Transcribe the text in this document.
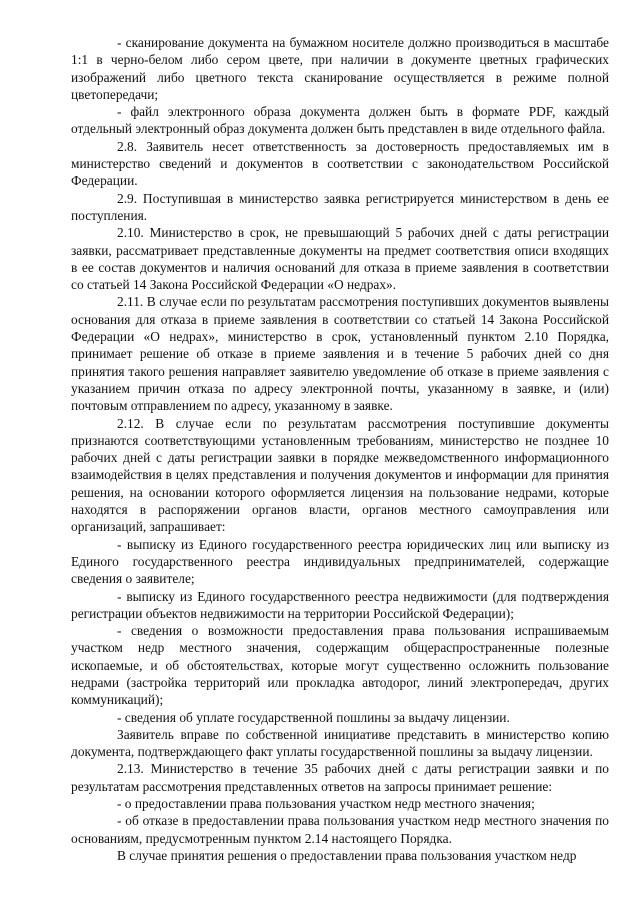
- сканирование документа на бумажном носителе должно производиться в масштабе 1:1 в черно-белом либо сером цвете, при наличии в документе цветных графических изображений либо цветного текста сканирование осуществляется в режиме полной цветопередачи;

- файл электронного образа документа должен быть в формате PDF, каждый отдельный электронный образ документа должен быть представлен в виде отдельного файла.

2.8. Заявитель несет ответственность за достоверность предоставляемых им в министерство сведений и документов в соответствии с законодательством Российской Федерации.

2.9. Поступившая в министерство заявка регистрируется министерством в день ее поступления.

2.10. Министерство в срок, не превышающий 5 рабочих дней с даты регистрации заявки, рассматривает представленные документы на предмет соответствия описи входящих в ее состав документов и наличия оснований для отказа в приеме заявления в соответствии со статьей 14 Закона Российской Федерации «О недрах».

2.11. В случае если по результатам рассмотрения поступивших документов выявлены основания для отказа в приеме заявления в соответствии со статьей 14 Закона Российской Федерации «О недрах», министерство в срок, установленный пунктом 2.10 Порядка, принимает решение об отказе в приеме заявления и в течение 5 рабочих дней со дня принятия такого решения направляет заявителю уведомление об отказе в приеме заявления с указанием причин отказа по адресу электронной почты, указанному в заявке, и (или) почтовым отправлением по адресу, указанному в заявке.

2.12. В случае если по результатам рассмотрения поступившие документы признаются соответствующими установленным требованиям, министерство не позднее 10 рабочих дней с даты регистрации заявки в порядке межведомственного информационного взаимодействия в целях представления и получения документов и информации для принятия решения, на основании которого оформляется лицензия на пользование недрами, которые находятся в распоряжении органов власти, органов местного самоуправления или организаций, запрашивает:

- выписку из Единого государственного реестра юридических лиц или выписку из Единого государственного реестра индивидуальных предпринимателей, содержащие сведения о заявителе;

- выписку из Единого государственного реестра недвижимости (для подтверждения регистрации объектов недвижимости на территории Российской Федерации);

- сведения о возможности предоставления права пользования испрашиваемым участком недр местного значения, содержащим общераспространенные полезные ископаемые, и об обстоятельствах, которые могут существенно осложнить пользование недрами (застройка территорий или прокладка автодорог, линий электропередач, других коммуникаций);

- сведения об уплате государственной пошлины за выдачу лицензии.

Заявитель вправе по собственной инициативе представить в министерство копию документа, подтверждающего факт уплаты государственной пошлины за выдачу лицензии.

2.13. Министерство в течение 35 рабочих дней с даты регистрации заявки и по результатам рассмотрения представленных ответов на запросы принимает решение:

- о предоставлении права пользования участком недр местного значения;

- об отказе в предоставлении права пользования участком недр местного значения по основаниям, предусмотренным пунктом 2.14 настоящего Порядка.

В случае принятия решения о предоставлении права пользования участком недр
